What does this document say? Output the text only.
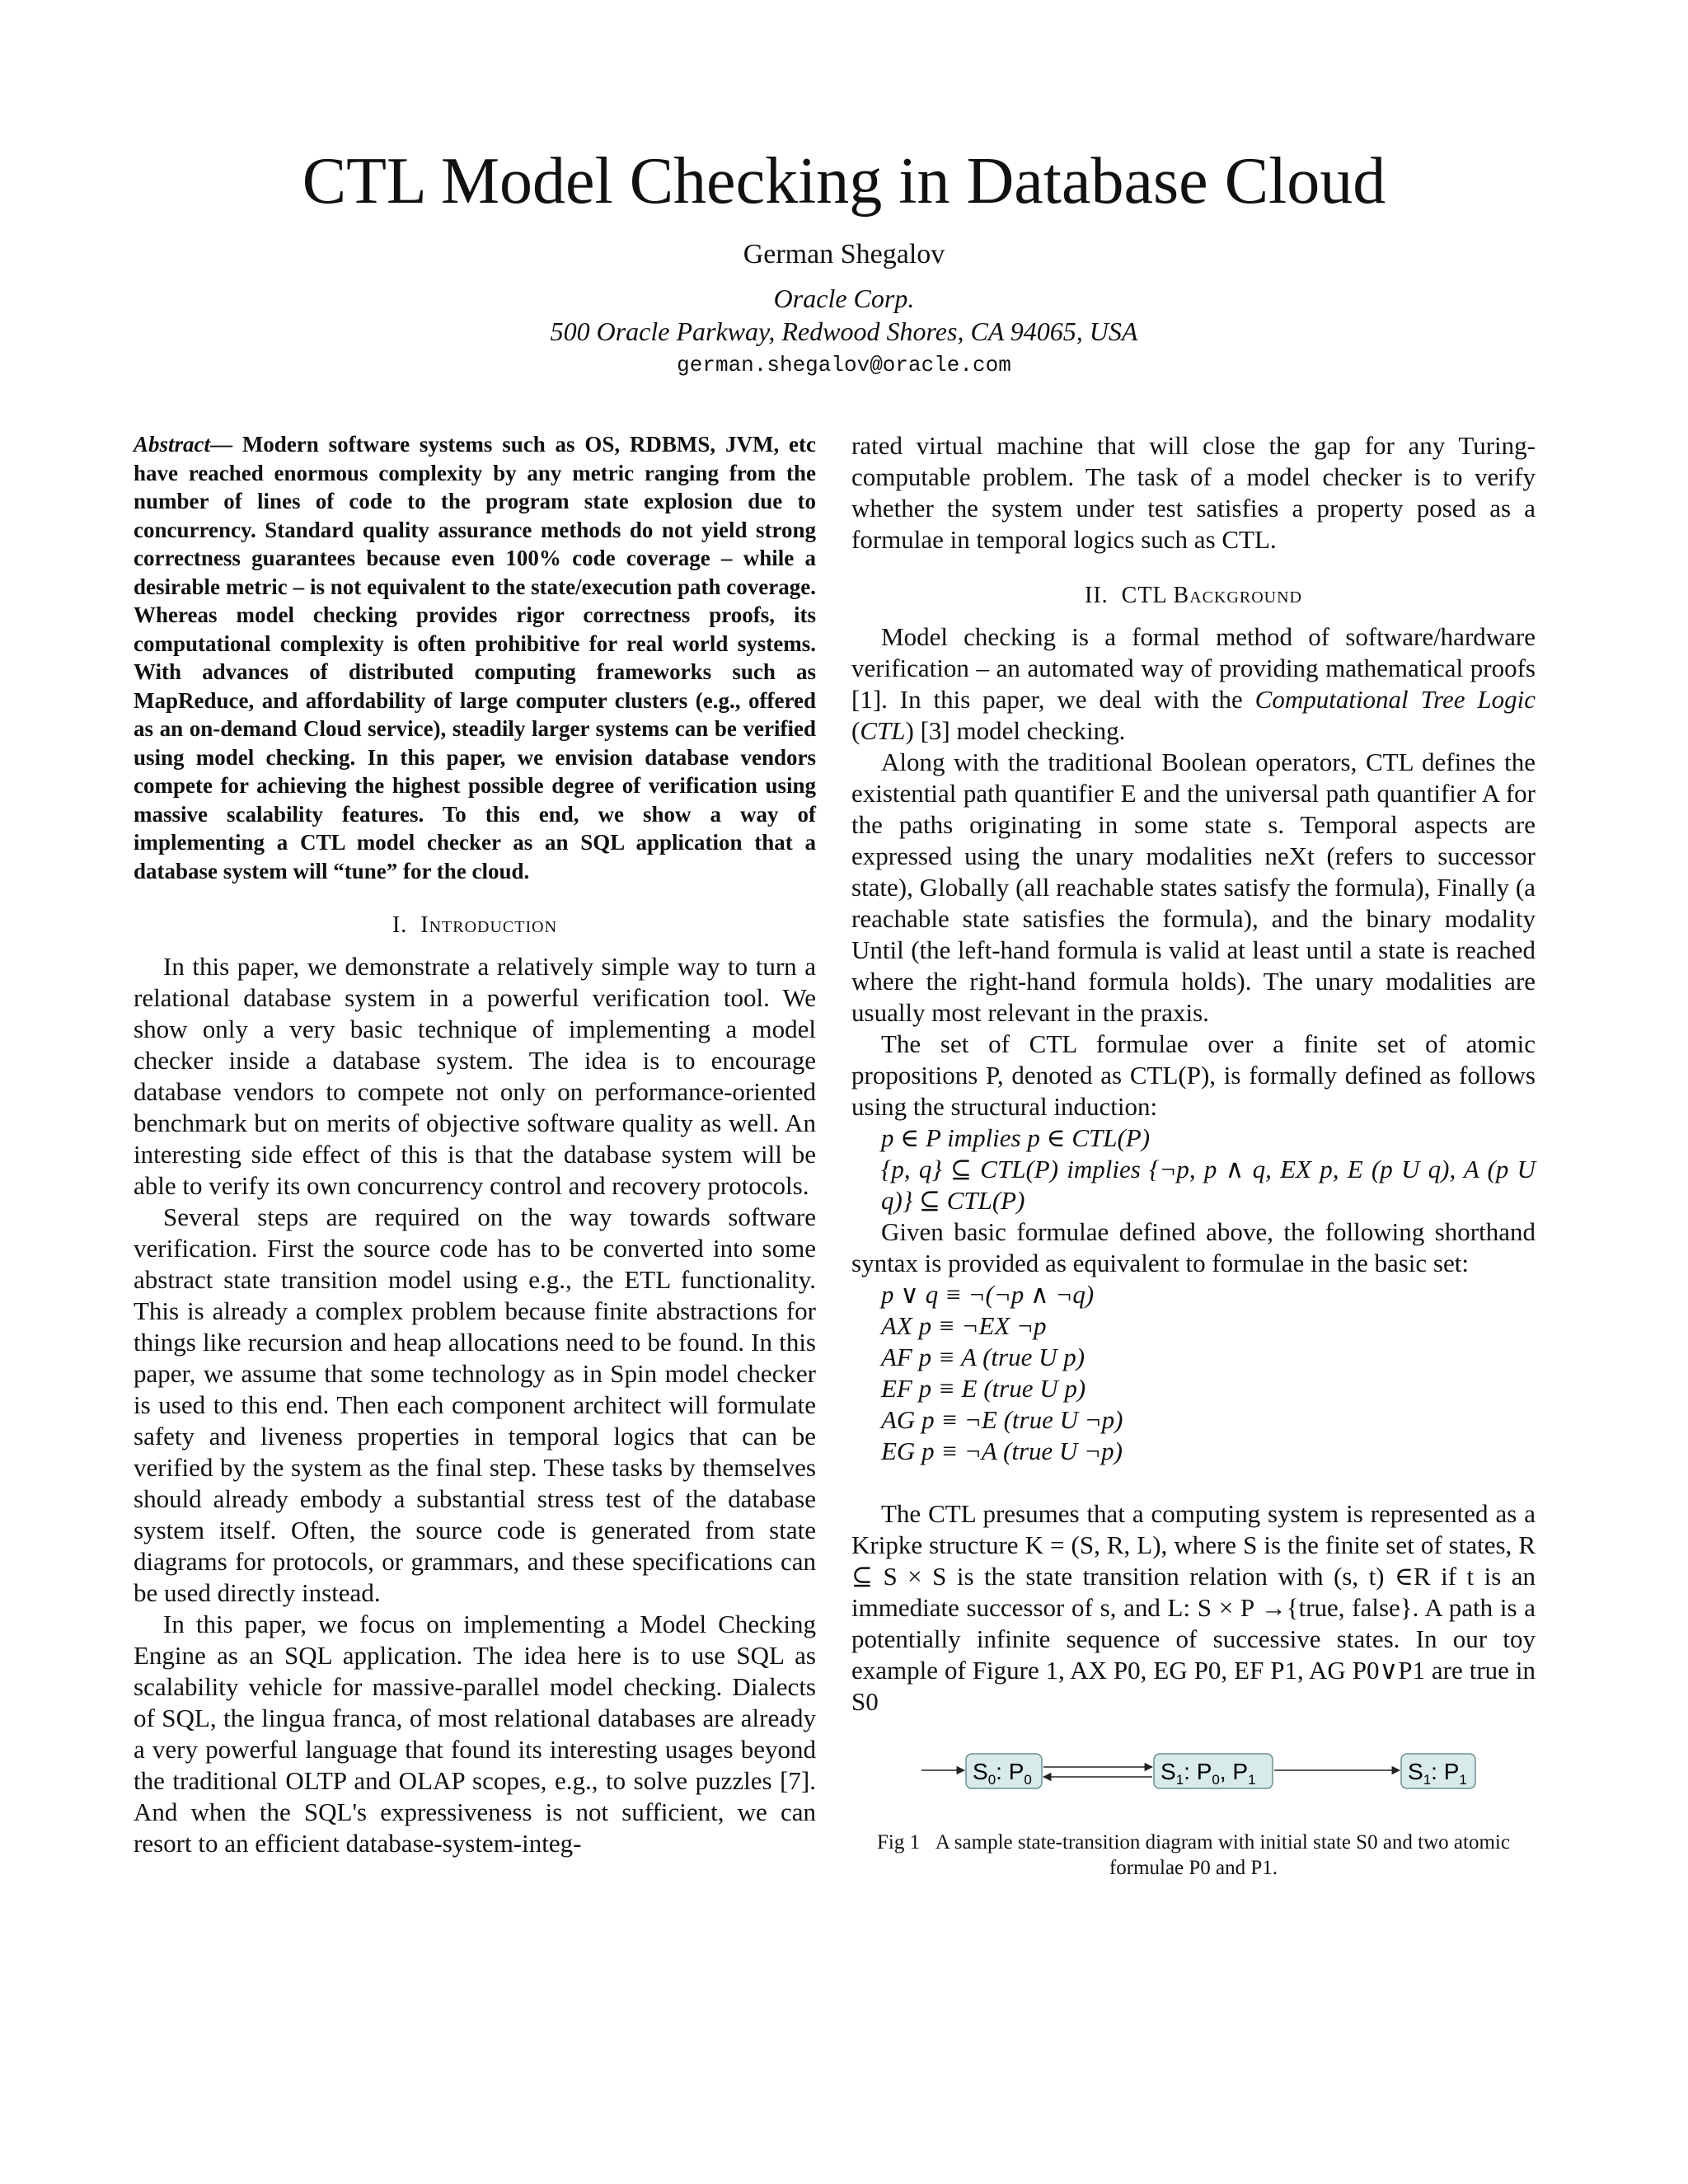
CTL Model Checking in Database Cloud
German Shegalov
Oracle Corp.
500 Oracle Parkway, Redwood Shores, CA 94065, USA
german.shegalov@oracle.com

Abstract— Modern software systems such as OS, RDBMS, JVM, etc have reached enormous complexity by any metric ranging from the number of lines of code to the program state explosion due to concurrency. Standard quality assurance methods do not yield strong correctness guarantees because even 100% code coverage – while a desirable metric – is not equivalent to the state/execution path coverage. Whereas model checking provides rigor correctness proofs, its computational complexity is often prohibitive for real world systems. With advances of distributed computing frameworks such as MapReduce, and affordability of large computer clusters (e.g., offered as an on-demand Cloud service), steadily larger systems can be verified using model checking. In this paper, we envision database vendors compete for achieving the highest possible degree of verification using massive scalability features. To this end, we show a way of implementing a CTL model checker as an SQL application that a database system will “tune” for the cloud.

I. Introduction

In this paper, we demonstrate a relatively simple way to turn a relational database system in a powerful verification tool. We show only a very basic technique of implementing a model checker inside a database system. The idea is to encourage database vendors to compete not only on performance-oriented benchmark but on merits of objective software quality as well. An interesting side effect of this is that the database system will be able to verify its own concurrency control and recovery protocols.

Several steps are required on the way towards software verification. First the source code has to be converted into some abstract state transition model using e.g., the ETL functionality. This is already a complex problem because finite abstractions for things like recursion and heap allocations need to be found. In this paper, we assume that some technology as in Spin model checker is used to this end. Then each component architect will formulate safety and liveness properties in temporal logics that can be verified by the system as the final step. These tasks by themselves should already embody a substantial stress test of the database system itself. Often, the source code is generated from state diagrams for protocols, or grammars, and these specifications can be used directly instead.

In this paper, we focus on implementing a Model Checking Engine as an SQL application. The idea here is to use SQL as scalability vehicle for massive-parallel model checking. Dialects of SQL, the lingua franca, of most relational databases are already a very powerful language that found its interesting usages beyond the traditional OLTP and OLAP scopes, e.g., to solve puzzles [7]. And when the SQL's expressiveness is not sufficient, we can resort to an efficient database-system-integ-

rated virtual machine that will close the gap for any Turing-computable problem. The task of a model checker is to verify whether the system under test satisfies a property posed as a formulae in temporal logics such as CTL.

II. CTL Background

Model checking is a formal method of software/hardware verification – an automated way of providing mathematical proofs [1]. In this paper, we deal with the Computational Tree Logic (CTL) [3] model checking.

Along with the traditional Boolean operators, CTL defines the existential path quantifier E and the universal path quantifier A for the paths originating in some state s. Temporal aspects are expressed using the unary modalities neXt (refers to successor state), Globally (all reachable states satisfy the formula), Finally (a reachable state satisfies the formula), and the binary modality Until (the left-hand formula is valid at least until a state is reached where the right-hand formula holds). The unary modalities are usually most relevant in the praxis.

The set of CTL formulae over a finite set of atomic propositions P, denoted as CTL(P), is formally defined as follows using the structural induction:

p ∈ P implies p ∈ CTL(P)

{p, q} ⊆ CTL(P) implies {¬p, p ∧ q, EX p, E (p U q), A (p U q)} ⊆ CTL(P)

Given basic formulae defined above, the following shorthand syntax is provided as equivalent to formulae in the basic set:

p ∨ q ≡ ¬(¬p ∧ ¬q)

AX p ≡ ¬EX ¬p

AF p ≡ A (true U p)

EF p ≡ E (true U p)

AG p ≡ ¬E (true U ¬p)

EG p ≡ ¬A (true U ¬p)

The CTL presumes that a computing system is represented as a Kripke structure K = (S, R, L), where S is the finite set of states, R ⊆ S × S is the state transition relation with (s, t) ∈R if t is an immediate successor of s, and L: S × P →{true, false}. A path is a potentially infinite sequence of successive states. In our toy example of Figure 1, AX P0, EG P0, EF P1, AG P0∨P1 are true in S0

$S_0$: $P_0$	$S_1$: $P_0$, $P_1$	$S_1$: $P_1$
Fig 1 A sample state-transition diagram with initial state S0 and two atomic formulae P0 and P1.
